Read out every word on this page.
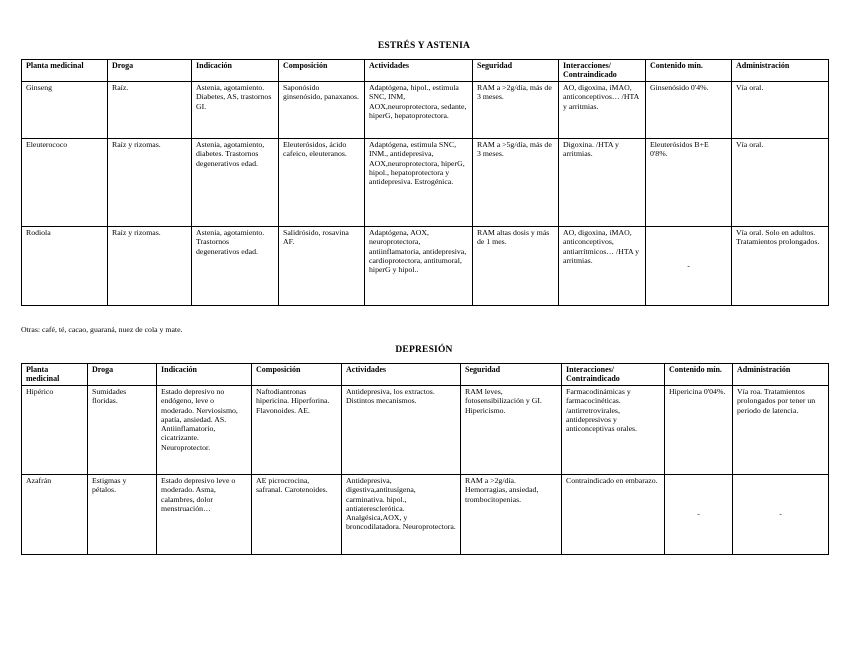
ESTRÉS Y ASTENIA
Planta medicinal	Droga	Indicación	Composición	Actividades	Seguridad	Interacciones/ Contraindicado	Contenido mín.	Administración
Ginseng	Raíz.	Astenia, agotamiento. Diabetes, AS, trastornos GI.	Saponósido ginsenósido, panaxanos.	Adaptógena, hipol., estimula SNC, INM, AOX,neuroprotectora, sedante, hiperG, hepatoprotectora.	RAM a >2g/día, más de 3 meses.	AO, digoxina, iMAO, anticonceptivos… /HTA y arritmias.	Ginsenósido 0'4%.	Vía oral.
Eleuterococo	Raíz y rizomas.	Astenia, agotamiento, diabetes. Trastornos degenerativos edad.	Eleuterósidos, ácido cafeico, eleuteranos.	Adaptógena, estimula SNC, INM., antidepresiva, AOX,neuroprotectora, hiperG, hipol., hepatoprotectora y antidepresiva. Estrogénica.	RAM a >5g/día, más de 3 meses.	Digoxina. /HTA y arritmias.	Eleuterósidos B+E 0'8%.	Vía oral.
Rodiola	Raíz y rizomas.	Astenia, agotamiento. Trastornos degenerativos edad.	Salidrósido, rosavina AF.	Adaptógena, AOX, neuroprotectora, antiinflamatoria, antidepresiva, cardioprotectora, antitumoral, hiperG y hipol..	RAM altas dosis y más de 1 mes.	AO, digoxina, iMAO, anticonceptivos, antiarrítmicos… /HTA y arritmias.	-	Vía oral. Solo en adultos. Tratamientos prolongados.
Otras: café, té, cacao, guaraná, nuez de cola y mate.
DEPRESIÓN
Planta medicinal	Droga	Indicación	Composición	Actividades	Seguridad	Interacciones/ Contraindicado	Contenido mín.	Administración
Hipérico	Sumidades floridas.	Estado depresivo no endógeno, leve o moderado. Nerviosismo, apatía, ansiedad. AS. Antiinflamatorio, cicatrizante. Neuroprotector.	Naftodiantronas hipericina. Hiperforina. Flavonoides. AE.	Antidepresiva, los extractos. Distintos mecanismos.	RAM leves, fotosensibilización y GI. Hipericismo.	Farmacodinámicas y farmacocinéticas. /antirretrovirales, antidepresivos y anticonceptivas orales.	Hipericina 0'04%.	Vía roa. Tratamientos prolongados por tener un periodo de latencia.
Azafrán	Estigmas y pétalos.	Estado depresivo leve o moderado. Asma, calambres, dolor menstruación…	AE picrocrocina, safranal. Carotenoides.	Antidepresiva, digestiva,antitusígena, carminativa. hipol., antiateresclerótica. Analgésica,AOX, y broncodilatadora. Neuroprotectora.	RAM a >2g/día. Hemorragias, ansiedad, trombocitopenias.	Contraindicado en embarazo.	-	-
